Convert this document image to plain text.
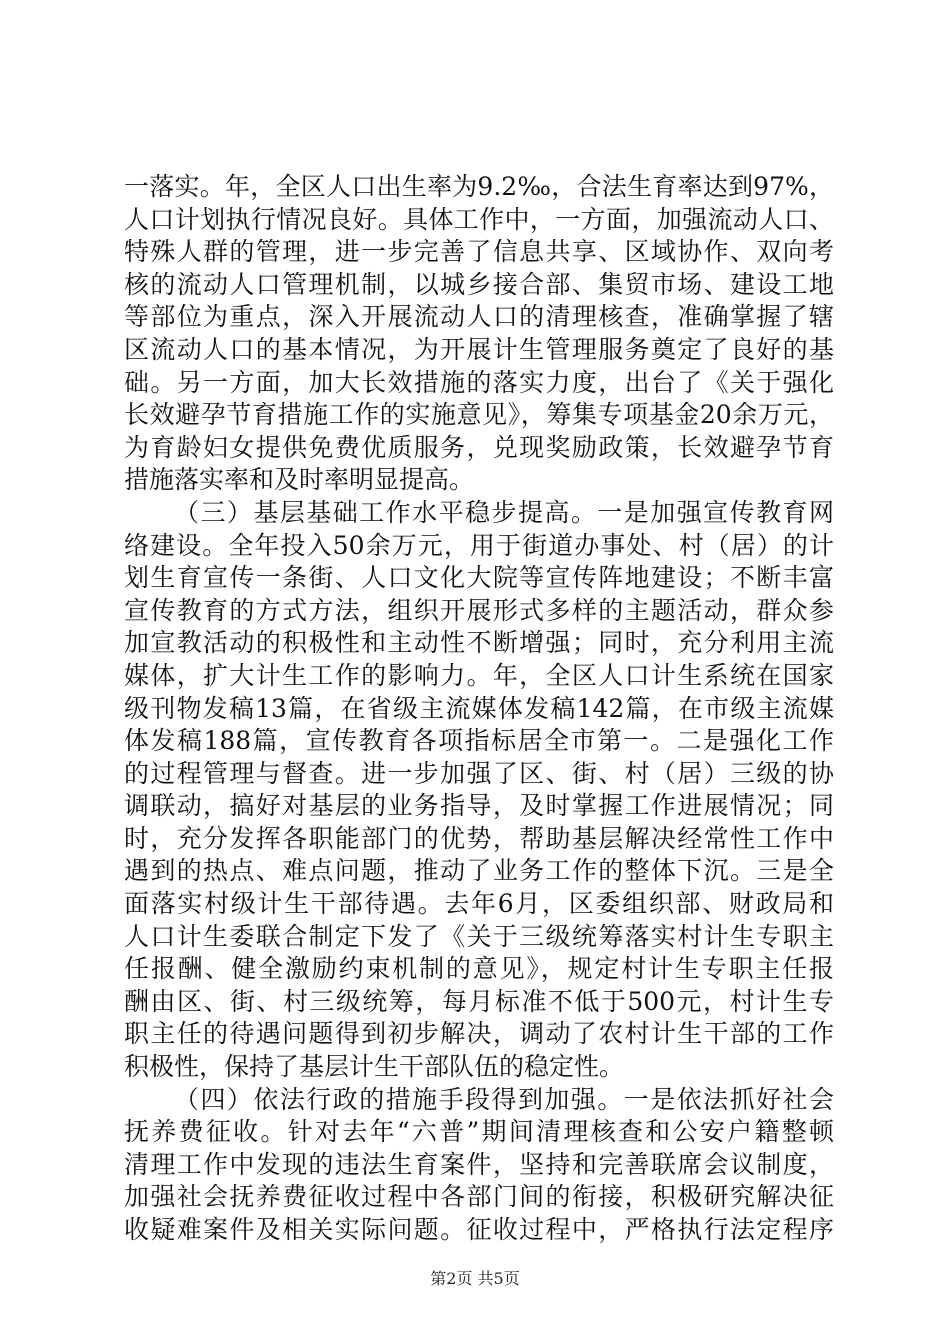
一落实。年，全区人口出生率为9.2‰，合法生育率达到97%，
人口计划执行情况良好。具体工作中，一方面，加强流动人口、
特殊人群的管理，进一步完善了信息共享、区域协作、双向考
核的流动人口管理机制，以城乡接合部、集贸市场、建设工地
等部位为重点，深入开展流动人口的清理核查，准确掌握了辖
区流动人口的基本情况，为开展计生管理服务奠定了良好的基
础。另一方面，加大长效措施的落实力度，出台了《关于强化
长效避孕节育措施工作的实施意见》，筹集专项基金20余万元，
为育龄妇女提供免费优质服务，兑现奖励政策，长效避孕节育
措施落实率和及时率明显提高。
（三）基层基础工作水平稳步提高。一是加强宣传教育网
络建设。全年投入50余万元，用于街道办事处、村（居）的计
划生育宣传一条街、人口文化大院等宣传阵地建设；不断丰富
宣传教育的方式方法，组织开展形式多样的主题活动，群众参
加宣教活动的积极性和主动性不断增强；同时，充分利用主流
媒体，扩大计生工作的影响力。年，全区人口计生系统在国家
级刊物发稿13篇，在省级主流媒体发稿142篇，在市级主流媒
体发稿188篇，宣传教育各项指标居全市第一。二是强化工作
的过程管理与督查。进一步加强了区、街、村（居）三级的协
调联动，搞好对基层的业务指导，及时掌握工作进展情况；同
时，充分发挥各职能部门的优势，帮助基层解决经常性工作中
遇到的热点、难点问题，推动了业务工作的整体下沉。三是全
面落实村级计生干部待遇。去年6月，区委组织部、财政局和
人口计生委联合制定下发了《关于三级统筹落实村计生专职主
任报酬、健全激励约束机制的意见》，规定村计生专职主任报
酬由区、街、村三级统筹，每月标准不低于500元，村计生专
职主任的待遇问题得到初步解决，调动了农村计生干部的工作
积极性，保持了基层计生干部队伍的稳定性。
（四）依法行政的措施手段得到加强。一是依法抓好社会
抚养费征收。针对去年“六普”期间清理核查和公安户籍整顿
清理工作中发现的违法生育案件，坚持和完善联席会议制度，
加强社会抚养费征收过程中各部门间的衔接，积极研究解决征
收疑难案件及相关实际问题。征收过程中，严格执行法定程序
第2页 共5页
